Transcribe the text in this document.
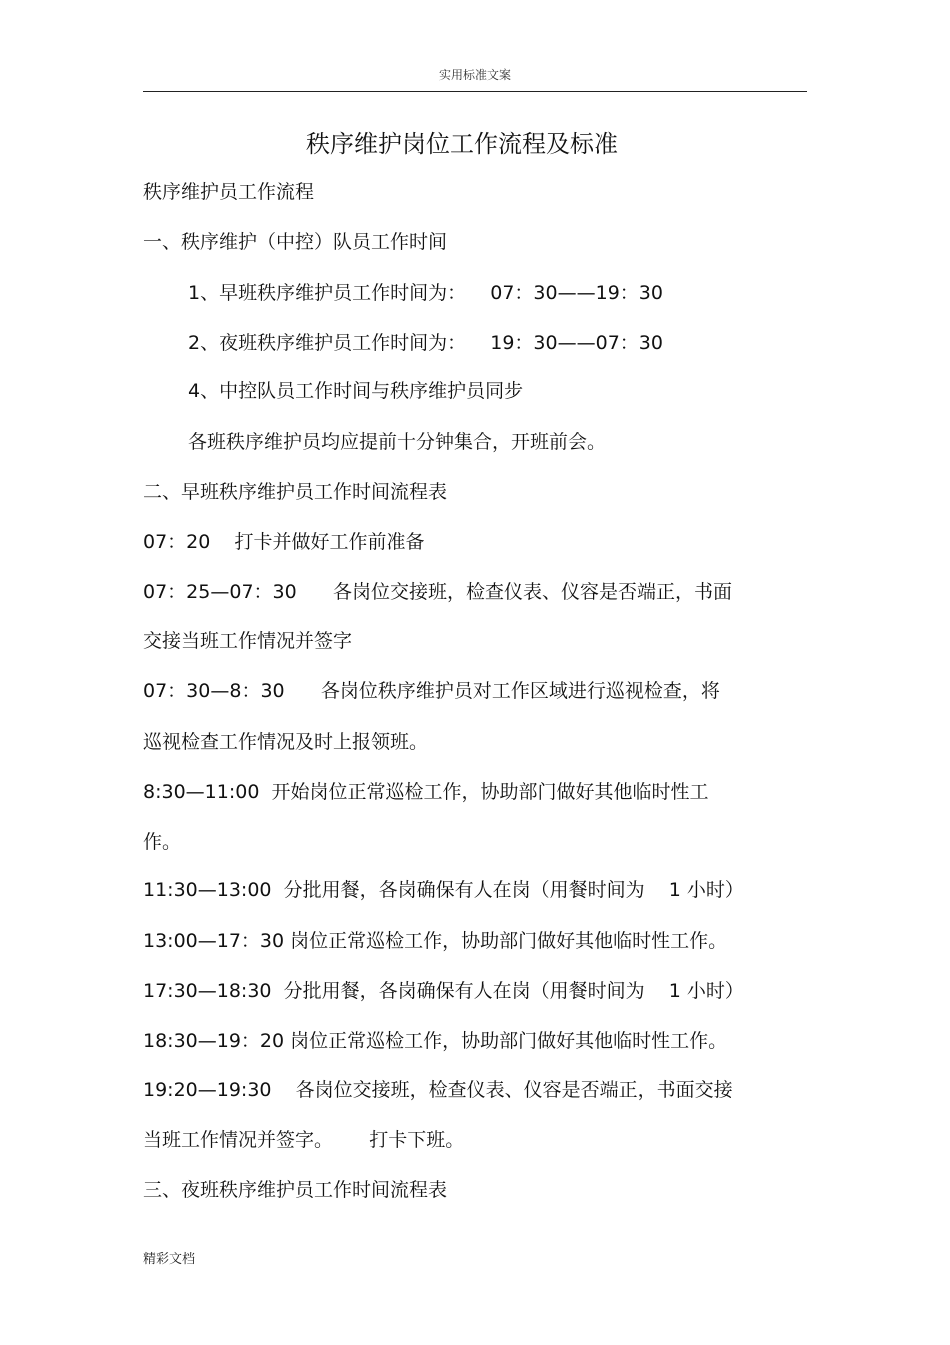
实用标准文案
秩序维护岗位工作流程及标准

秩序维护员工作流程

一、秩序维护（中控）队员工作时间

1、早班秩序维护员工作时间为：    07：30——19：30

2、夜班秩序维护员工作时间为：    19：30——07：30

4、中控队员工作时间与秩序维护员同步

各班秩序维护员均应提前十分钟集合，开班前会。

二、早班秩序维护员工作时间流程表

07：20    打卡并做好工作前准备

07：25—07：30      各岗位交接班，检查仪表、仪容是否端正，书面

交接当班工作情况并签字

07：30—8：30      各岗位秩序维护员对工作区域进行巡视检查，将

巡视检查工作情况及时上报领班。

8:30—11:00  开始岗位正常巡检工作，协助部门做好其他临时性工

作。

11:30—13:00  分批用餐，各岗确保有人在岗（用餐时间为    1 小时）

13:00—17：30 岗位正常巡检工作，协助部门做好其他临时性工作。

17:30—18:30  分批用餐，各岗确保有人在岗（用餐时间为    1 小时）

18:30—19：20 岗位正常巡检工作，协助部门做好其他临时性工作。

19:20—19:30    各岗位交接班，检查仪表、仪容是否端正，书面交接

当班工作情况并签字。      打卡下班。

三、夜班秩序维护员工作时间流程表

精彩文档
